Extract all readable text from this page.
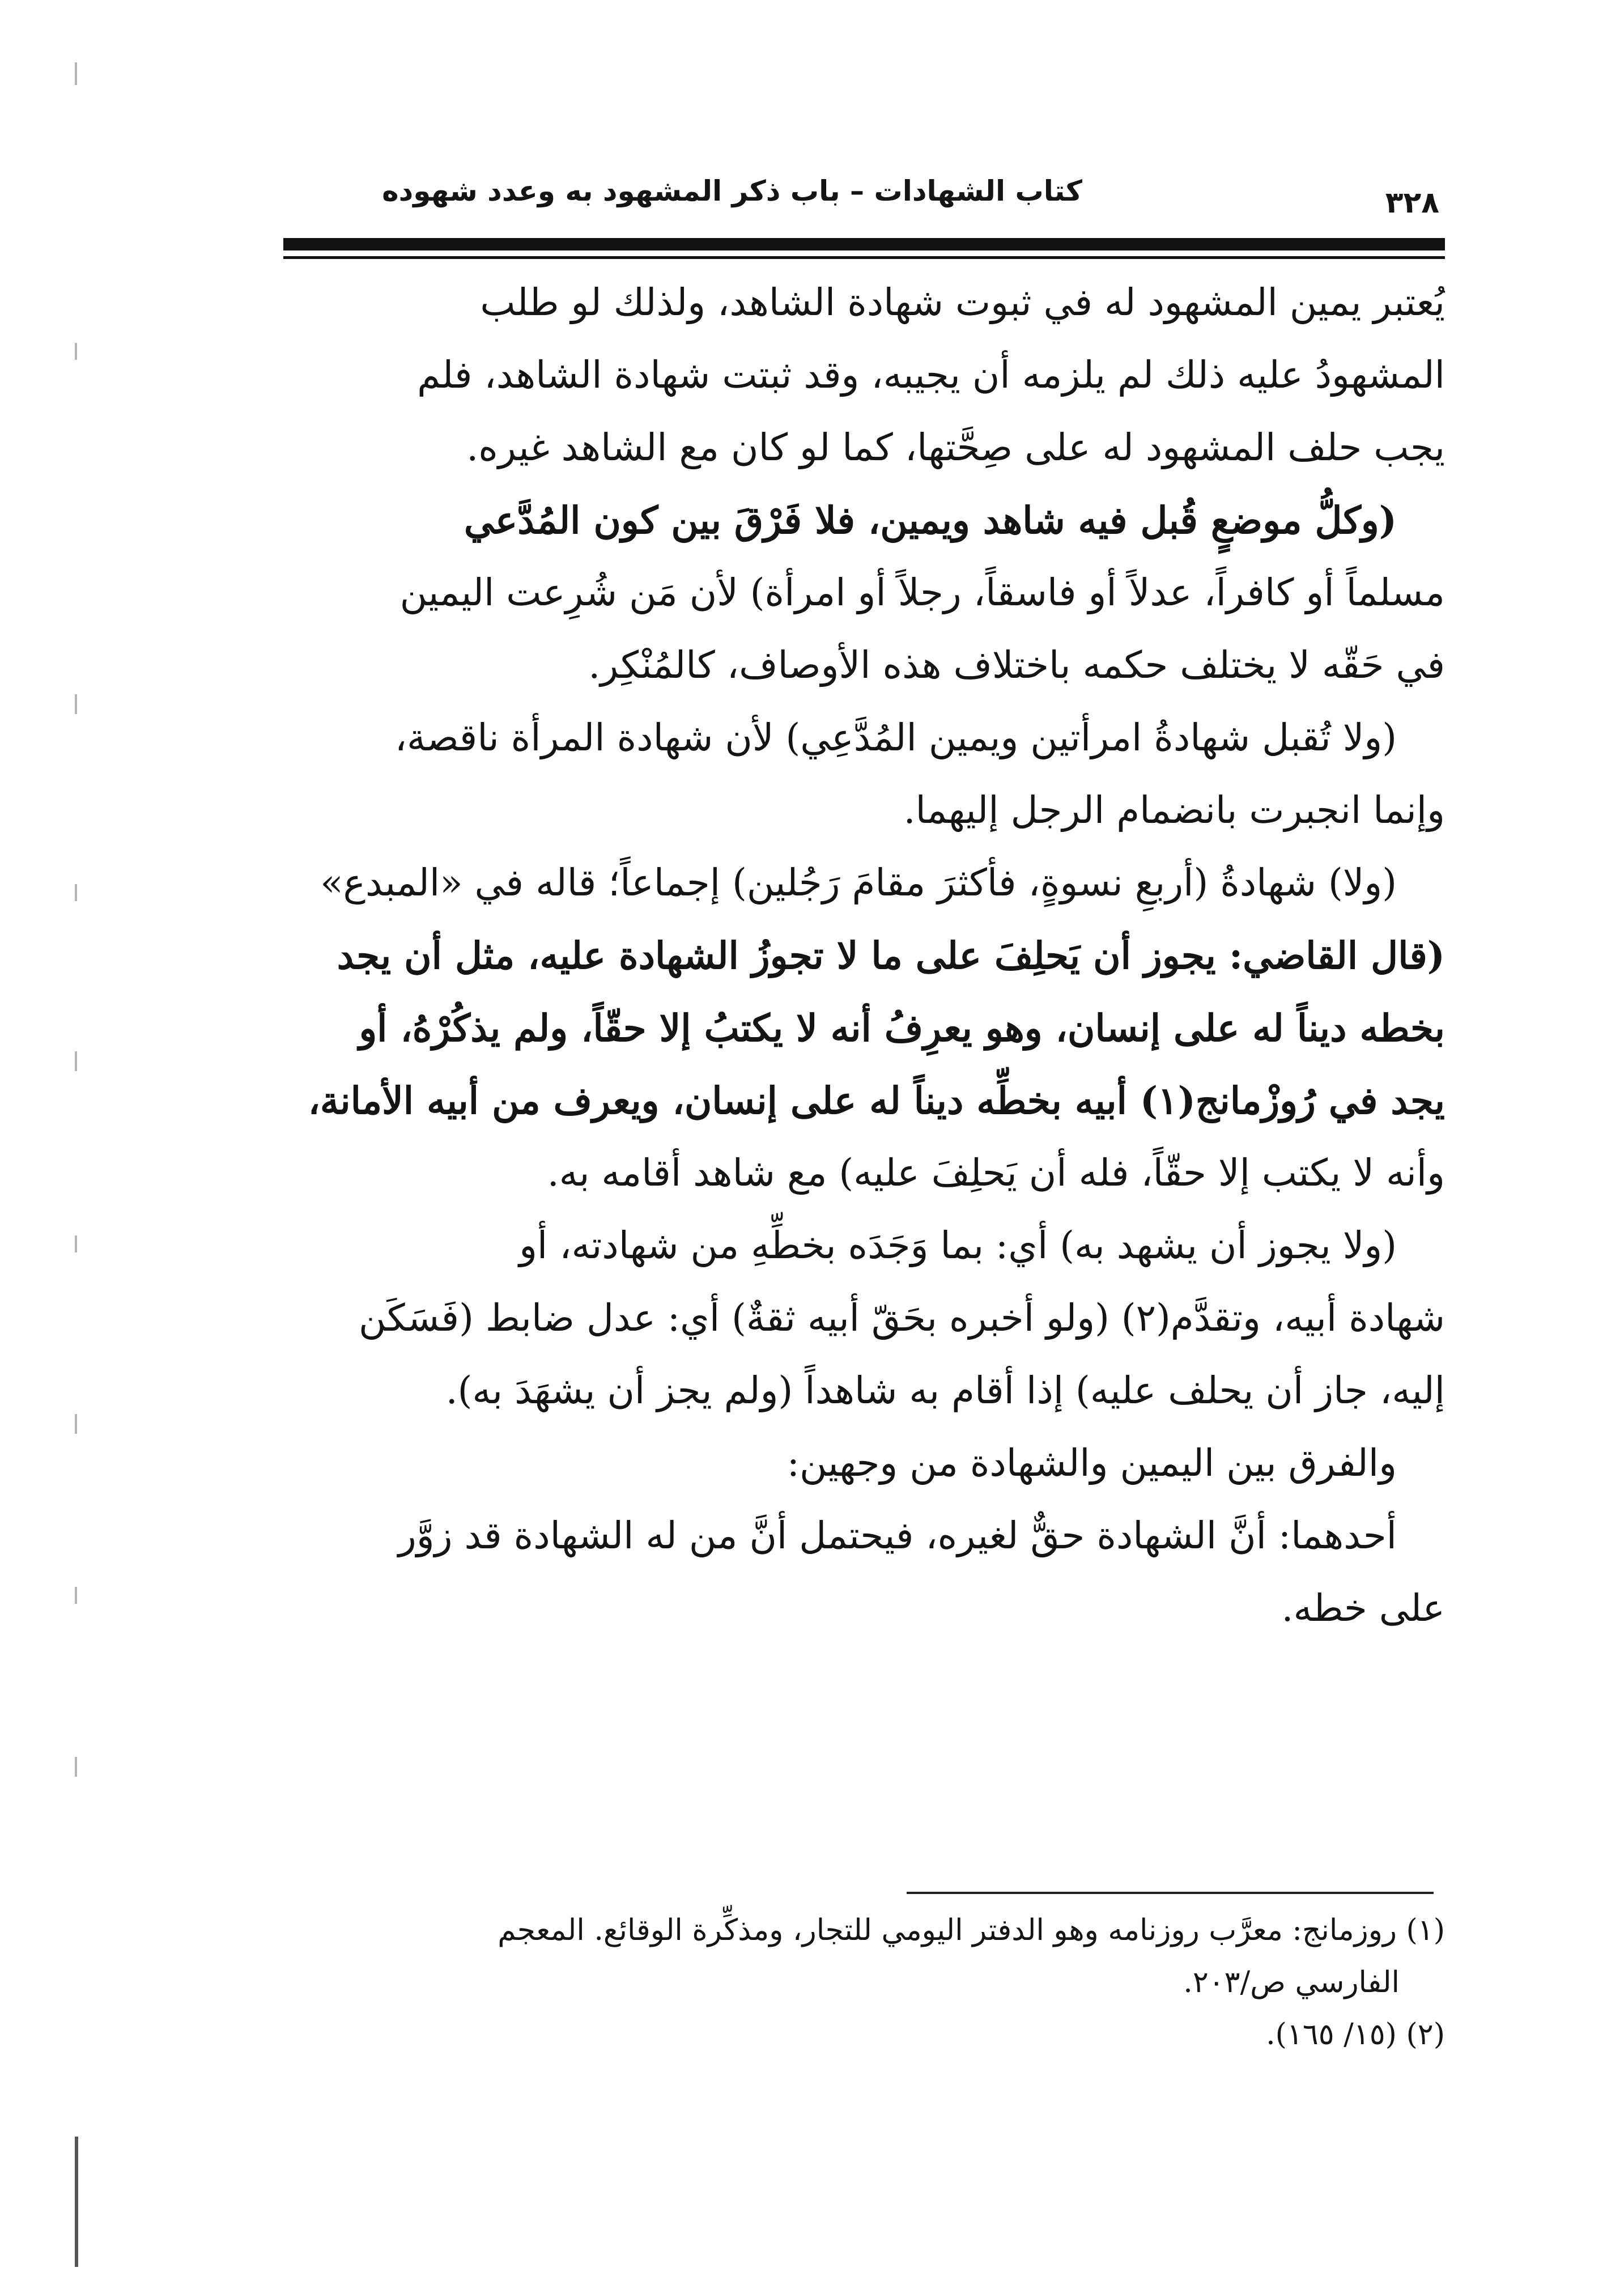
كتاب الشهادات – باب ذكر المشهود به وعدد شهوده	٣٢٨
يُعتبر يمين المشهود له في ثبوت شهادة الشاهد، ولذلك لو طلب
المشهودُ عليه ذلك لم يلزمه أن يجيبه، وقد ثبتت شهادة الشاهد، فلم
يجب حلف المشهود له على صِحَّتها، كما لو كان مع الشاهد غيره.
(وكلُّ موضعٍ قُبل فيه شاهد ويمين، فلا فَرْقَ بين كون المُدَّعي
مسلماً أو كافراً، عدلاً أو فاسقاً، رجلاً أو امرأة) لأن مَن شُرِعت اليمين
في حَقّه لا يختلف حكمه باختلاف هذه الأوصاف، كالمُنْكِر.
(ولا تُقبل شهادةُ امرأتين ويمين المُدَّعِي) لأن شهادة المرأة ناقصة،
وإنما انجبرت بانضمام الرجل إليهما.
(ولا) شهادةُ (أربعِ نسوةٍ، فأكثرَ مقامَ رَجُلين) إجماعاً؛ قاله في «المبدع»
(قال القاضي: يجوز أن يَحلِفَ على ما لا تجوزُ الشهادة عليه، مثل أن يجد
بخطه ديناً له على إنسان، وهو يعرِفُ أنه لا يكتبُ إلا حقّاً، ولم يذكُرْهُ، أو
يجد في رُوزْمانج(١) أبيه بخطِّه ديناً له على إنسان، ويعرف من أبيه الأمانة،
وأنه لا يكتب إلا حقّاً، فله أن يَحلِفَ عليه) مع شاهد أقامه به.
(ولا يجوز أن يشهد به) أي: بما وَجَدَه بخطِّهِ من شهادته، أو
شهادة أبيه، وتقدَّم(٢) (ولو أخبره بحَقّ أبيه ثقةٌ) أي: عدل ضابط (فَسَكَن
إليه، جاز أن يحلف عليه) إذا أقام به شاهداً (ولم يجز أن يشهَدَ به).
والفرق بين اليمين والشهادة من وجهين:
أحدهما: أنَّ الشهادة حقٌّ لغيره، فيحتمل أنَّ من له الشهادة قد زوَّر
على خطه.
(١) روزمانج: معرَّب روزنامه وهو الدفتر اليومي للتجار، ومذكِّرة الوقائع. المعجم
الفارسي ص/٢٠٣.
(٢) (١٥/ ١٦٥).
